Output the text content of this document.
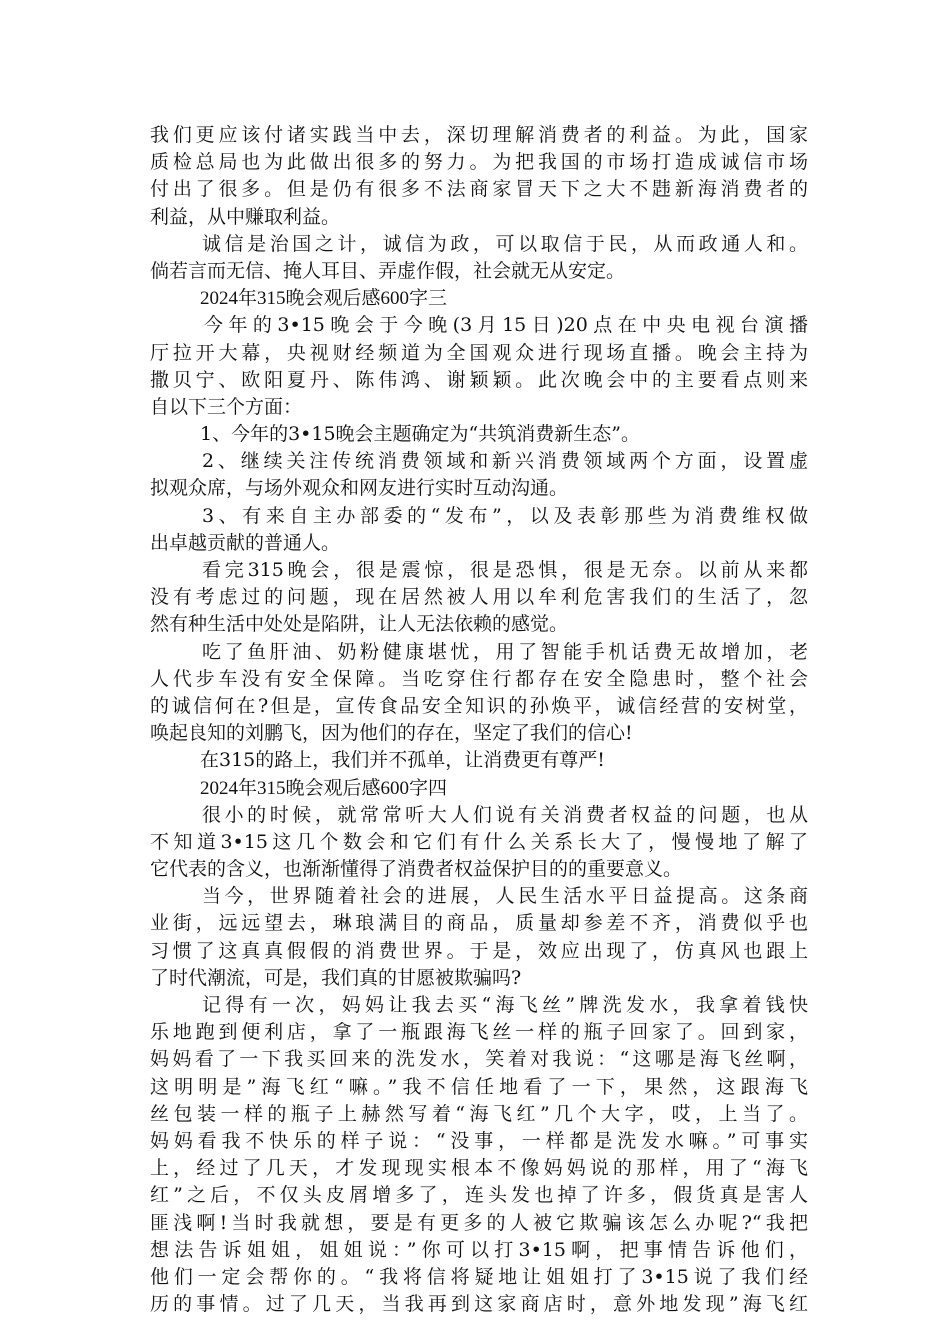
我们更应该付诸实践当中去，深切理解消费者的利益。为此，国家
质检总局也为此做出很多的努力。为把我国的市场打造成诚信市场
付出了很多。但是仍有很多不法商家冒天下之大不韪新海消费者的
利益，从中赚取利益。
诚信是治国之计，诚信为政，可以取信于民，从而政通人和。
倘若言而无信、掩人耳目、弄虚作假，社会就无从安定。
2024年315晚会观后感600字三
今年的3•15晚会于今晚(3月15日)20点在中央电视台演播
厅拉开大幕，央视财经频道为全国观众进行现场直播。晚会主持为
撒贝宁、欧阳夏丹、陈伟鸿、谢颖颖。此次晚会中的主要看点则来
自以下三个方面：
1、今年的3•15晚会主题确定为“共筑消费新生态”。
2、继续关注传统消费领域和新兴消费领域两个方面，设置虚
拟观众席，与场外观众和网友进行实时互动沟通。
3、有来自主办部委的“发布”，以及表彰那些为消费维权做
出卓越贡献的普通人。
看完315晚会，很是震惊，很是恐惧，很是无奈。以前从来都
没有考虑过的问题，现在居然被人用以牟利危害我们的生活了，忽
然有种生活中处处是陷阱，让人无法依赖的感觉。
吃了鱼肝油、奶粉健康堪忧，用了智能手机话费无故增加，老
人代步车没有安全保障。当吃穿住行都存在安全隐患时，整个社会
的诚信何在?但是，宣传食品安全知识的孙焕平，诚信经营的安树堂，
唤起良知的刘鹏飞，因为他们的存在，坚定了我们的信心!
在315的路上，我们并不孤单，让消费更有尊严!
2024年315晚会观后感600字四
很小的时候，就常常听大人们说有关消费者权益的问题，也从
不知道3•15这几个数会和它们有什么关系长大了，慢慢地了解了
它代表的含义，也渐渐懂得了消费者权益保护目的的重要意义。
当今，世界随着社会的进展，人民生活水平日益提高。这条商
业街，远远望去，琳琅满目的商品，质量却参差不齐，消费似乎也
习惯了这真真假假的消费世界。于是，效应出现了，仿真风也跟上
了时代潮流，可是，我们真的甘愿被欺骗吗?
记得有一次，妈妈让我去买“海飞丝”牌洗发水，我拿着钱快
乐地跑到便利店，拿了一瓶跟海飞丝一样的瓶子回家了。回到家，
妈妈看了一下我买回来的洗发水，笑着对我说：“这哪是海飞丝啊，
这明明是”海飞红“嘛。”我不信任地看了一下，果然，这跟海飞
丝包装一样的瓶子上赫然写着“海飞红”几个大字，哎，上当了。
妈妈看我不快乐的样子说：“没事，一样都是洗发水嘛。”可事实
上，经过了几天，才发现现实根本不像妈妈说的那样，用了“海飞
红”之后，不仅头皮屑增多了，连头发也掉了许多，假货真是害人
匪浅啊!当时我就想，要是有更多的人被它欺骗该怎么办呢?“我把
想法告诉姐姐，姐姐说：”你可以打3•15啊，把事情告诉他们，
他们一定会帮你的。“我将信将疑地让姐姐打了3•15说了我们经
历的事情。过了几天，当我再到这家商店时，意外地发现”海飞红
